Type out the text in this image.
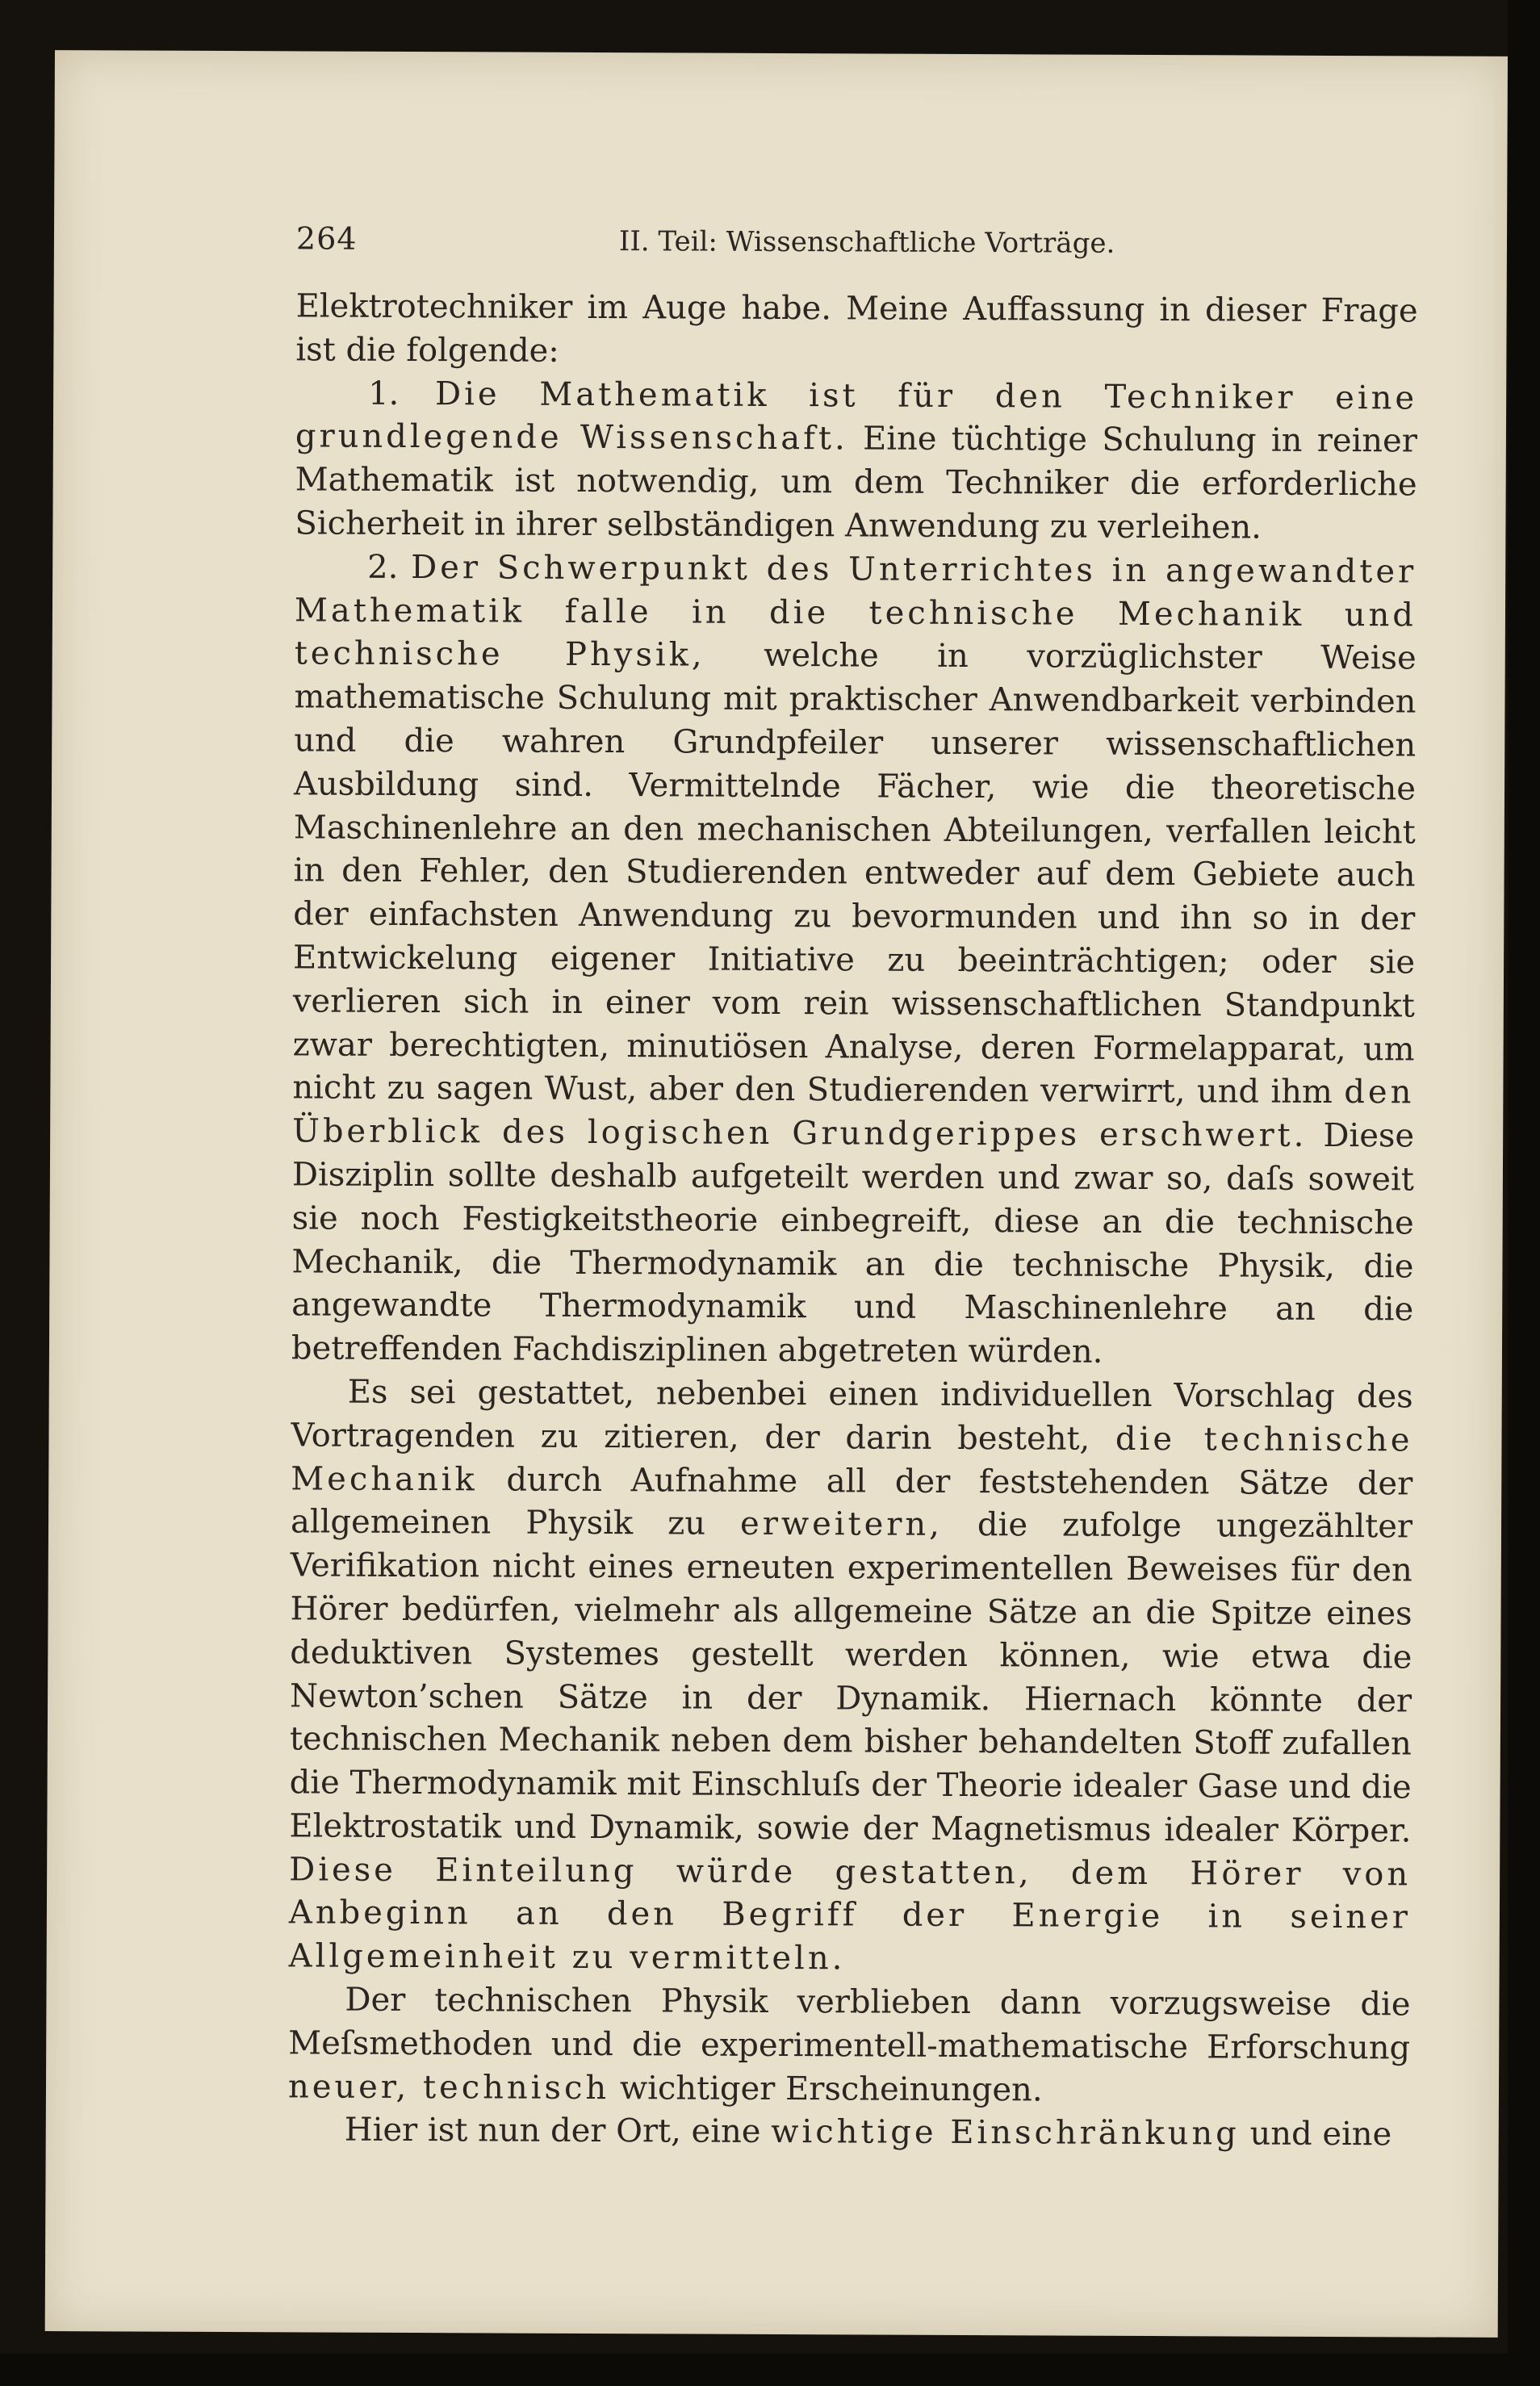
264	II. Teil: Wissenschaftliche Vorträge.

Elektrotechniker im Auge habe. Meine Auffassung in dieser Frage ist die folgende:

1. Die Mathematik ist für den Techniker eine grundlegende Wissenschaft. Eine tüchtige Schulung in reiner Mathematik ist notwendig, um dem Techniker die erforderliche Sicherheit in ihrer selbständigen Anwendung zu verleihen.

2. Der Schwerpunkt des Unterrichtes in angewandter Mathematik falle in die technische Mechanik und technische Physik, welche in vorzüglichster Weise mathematische Schulung mit praktischer Anwendbarkeit verbinden und die wahren Grundpfeiler unserer wissenschaftlichen Ausbildung sind. Vermittelnde Fächer, wie die theoretische Maschinenlehre an den mechanischen Abteilungen, verfallen leicht in den Fehler, den Studierenden entweder auf dem Gebiete auch der einfachsten Anwendung zu bevormunden und ihn so in der Entwickelung eigener Initiative zu beeinträchtigen; oder sie verlieren sich in einer vom rein wissenschaftlichen Standpunkt zwar berechtigten, minutiösen Analyse, deren Formelapparat, um nicht zu sagen Wust, aber den Studierenden verwirrt, und ihm den Überblick des logischen Grundgerippes erschwert. Diese Disziplin sollte deshalb aufgeteilt werden und zwar so, daſs soweit sie noch Festigkeitstheorie einbegreift, diese an die technische Mechanik, die Thermodynamik an die technische Physik, die angewandte Thermodynamik und Maschinenlehre an die betreffenden Fachdisziplinen abgetreten würden.

Es sei gestattet, nebenbei einen individuellen Vorschlag des Vortragenden zu zitieren, der darin besteht, die technische Mechanik durch Aufnahme all der feststehenden Sätze der allgemeinen Physik zu erweitern, die zufolge ungezählter Verifikation nicht eines erneuten experimentellen Beweises für den Hörer bedürfen, vielmehr als allgemeine Sätze an die Spitze eines deduktiven Systemes gestellt werden können, wie etwa die Newton’schen Sätze in der Dynamik. Hiernach könnte der technischen Mechanik neben dem bisher behandelten Stoff zufallen die Thermodynamik mit Einschluſs der Theorie idealer Gase und die Elektrostatik und Dynamik, sowie der Magnetismus idealer Körper. Diese Einteilung würde gestatten, dem Hörer von Anbeginn an den Begriff der Energie in seiner Allgemeinheit zu vermitteln.

Der technischen Physik verblieben dann vorzugsweise die Meſsmethoden und die experimentell-mathematische Erforschung neuer, technisch wichtiger Erscheinungen.

Hier ist nun der Ort, eine wichtige Einschränkung und eine
